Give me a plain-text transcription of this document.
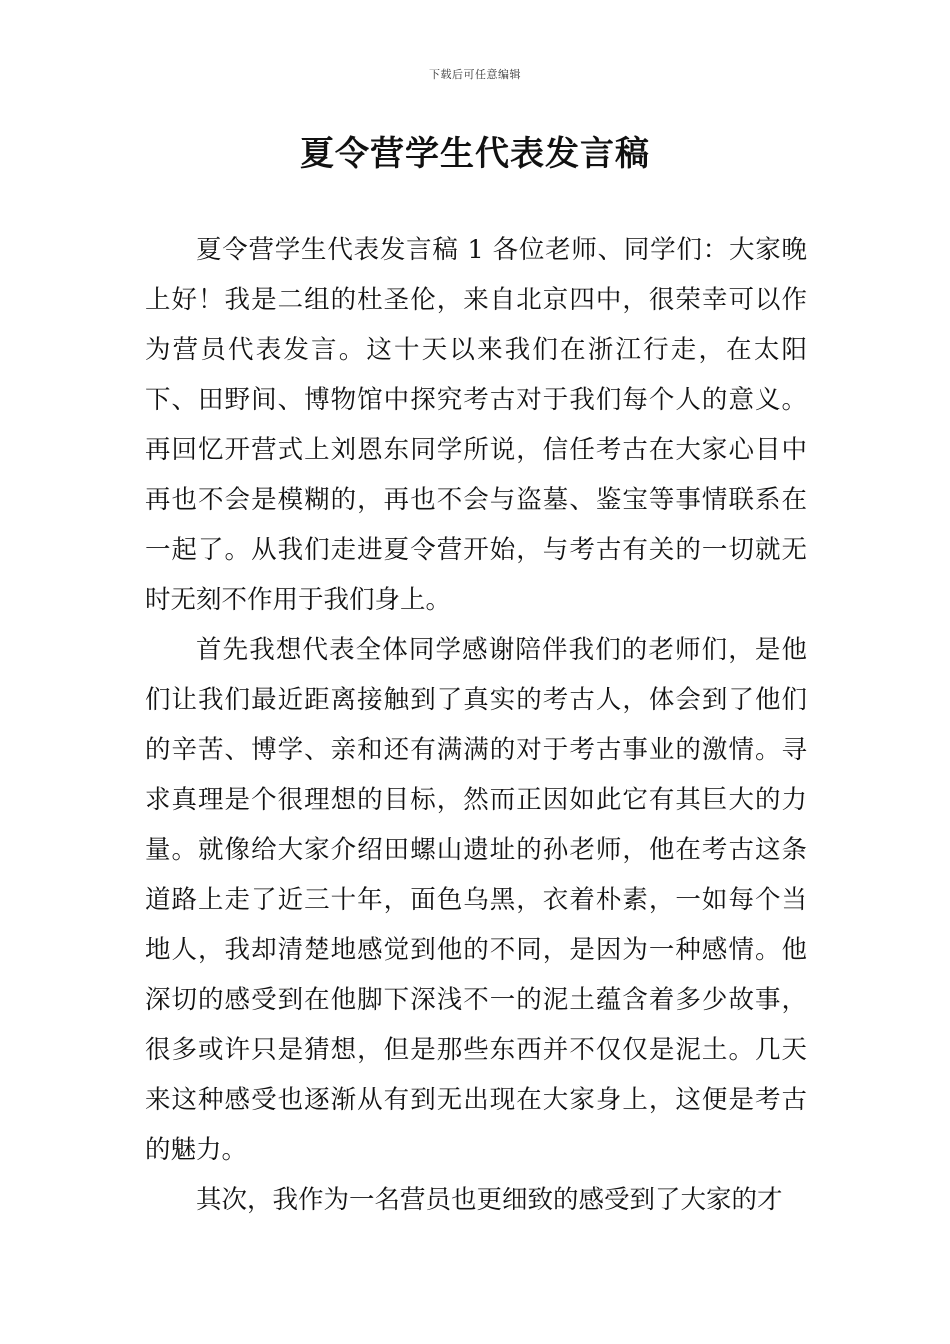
下载后可任意编辑
夏令营学生代表发言稿

夏令营学生代表发言稿 1 各位老师、同学们：大家晚上好！我是二组的杜圣伦，来自北京四中，很荣幸可以作为营员代表发言。这十天以来我们在浙江行走，在太阳下、田野间、博物馆中探究考古对于我们每个人的意义。再回忆开营式上刘恩东同学所说，信任考古在大家心目中再也不会是模糊的，再也不会与盗墓、鉴宝等事情联系在一起了。从我们走进夏令营开始，与考古有关的一切就无时无刻不作用于我们身上。

首先我想代表全体同学感谢陪伴我们的老师们，是他们让我们最近距离接触到了真实的考古人，体会到了他们的辛苦、博学、亲和还有满满的对于考古事业的激情。寻求真理是个很理想的目标，然而正因如此它有其巨大的力量。就像给大家介绍田螺山遗址的孙老师，他在考古这条道路上走了近三十年，面色乌黑，衣着朴素，一如每个当地人，我却清楚地感觉到他的不同，是因为一种感情。他深切的感受到在他脚下深浅不一的泥土蕴含着多少故事，很多或许只是猜想，但是那些东西并不仅仅是泥土。几天来这种感受也逐渐从有到无出现在大家身上，这便是考古的魅力。

其次，我作为一名营员也更细致的感受到了大家的才
